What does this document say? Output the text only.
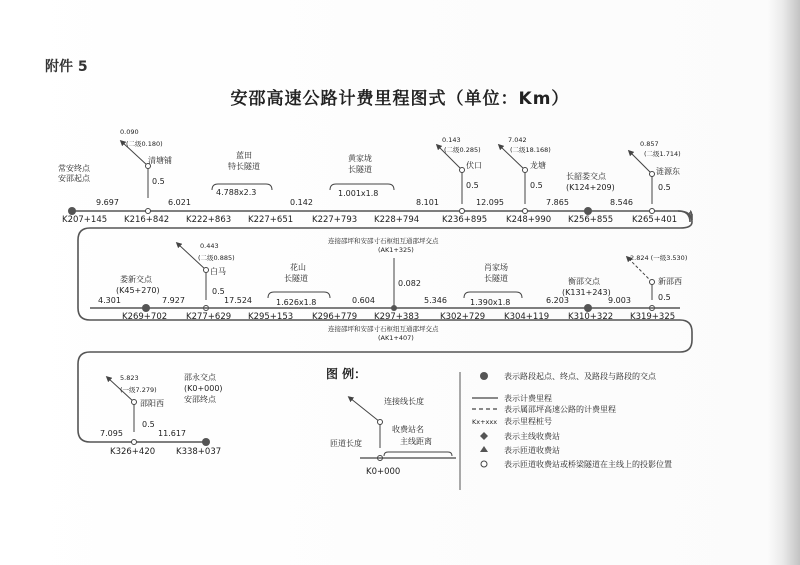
附件 5
安邵高速公路计费里程图式（单位：Km）
常安终点
安邵起点
0.090
(二级0.180)
清塘铺
0.5
蓝田
特长隧道
4.788x2.3
黄家垅
长隧道
1.001x1.8
0.143
(二级0.285)
伏口
0.5
7.042
(二级18.168)
龙塘
0.5
长韶娄交点
(K124+209)
0.857
(二级1.714)
涟源东
0.5
9.697	6.021	0.142	8.101	12.095	7.865	8.546
K207+145 K216+842 K222+863 K227+651 K227+793 K228+794	K236+895 K248+990 K256+855 K265+401
连接邵坪和安邵寸石枢纽互通邵坪交点
(AK1+325)
娄新交点
(K45+270)
0.443
(二级0.885)
白马
0.5
花山
长隧道
1.626x1.8
0.082
肖家场
长隧道
1.390x1.8
衡邵交点
(K131+243)
2.824 (一级3.530)
新邵西
0.5
4.301	7.927	17.524	0.604	5.346	6.203	9.003
K269+702 K277+629 K295+153 K296+779 K297+383 K302+729 K304+119 K310+322 K319+325
连接邵坪和安邵寸石枢纽互通邵坪交点
(AK1+407)
5.823
(一级7.279)
邵阳西
0.5
邵永交点
(K0+000)
安邵终点
7.095	11.617
K326+420 K338+037
图 例：
连接线长度
收费站名
主线距离
匝道长度
K0+000
表示路段起点、终点、及路段与路段的交点
表示计费里程
表示属邵坪高速公路的计费里程
Kx+xxx 表示里程桩号
表示主线收费站
表示匝道收费站
表示匝道收费站或桥梁隧道在主线上的投影位置
